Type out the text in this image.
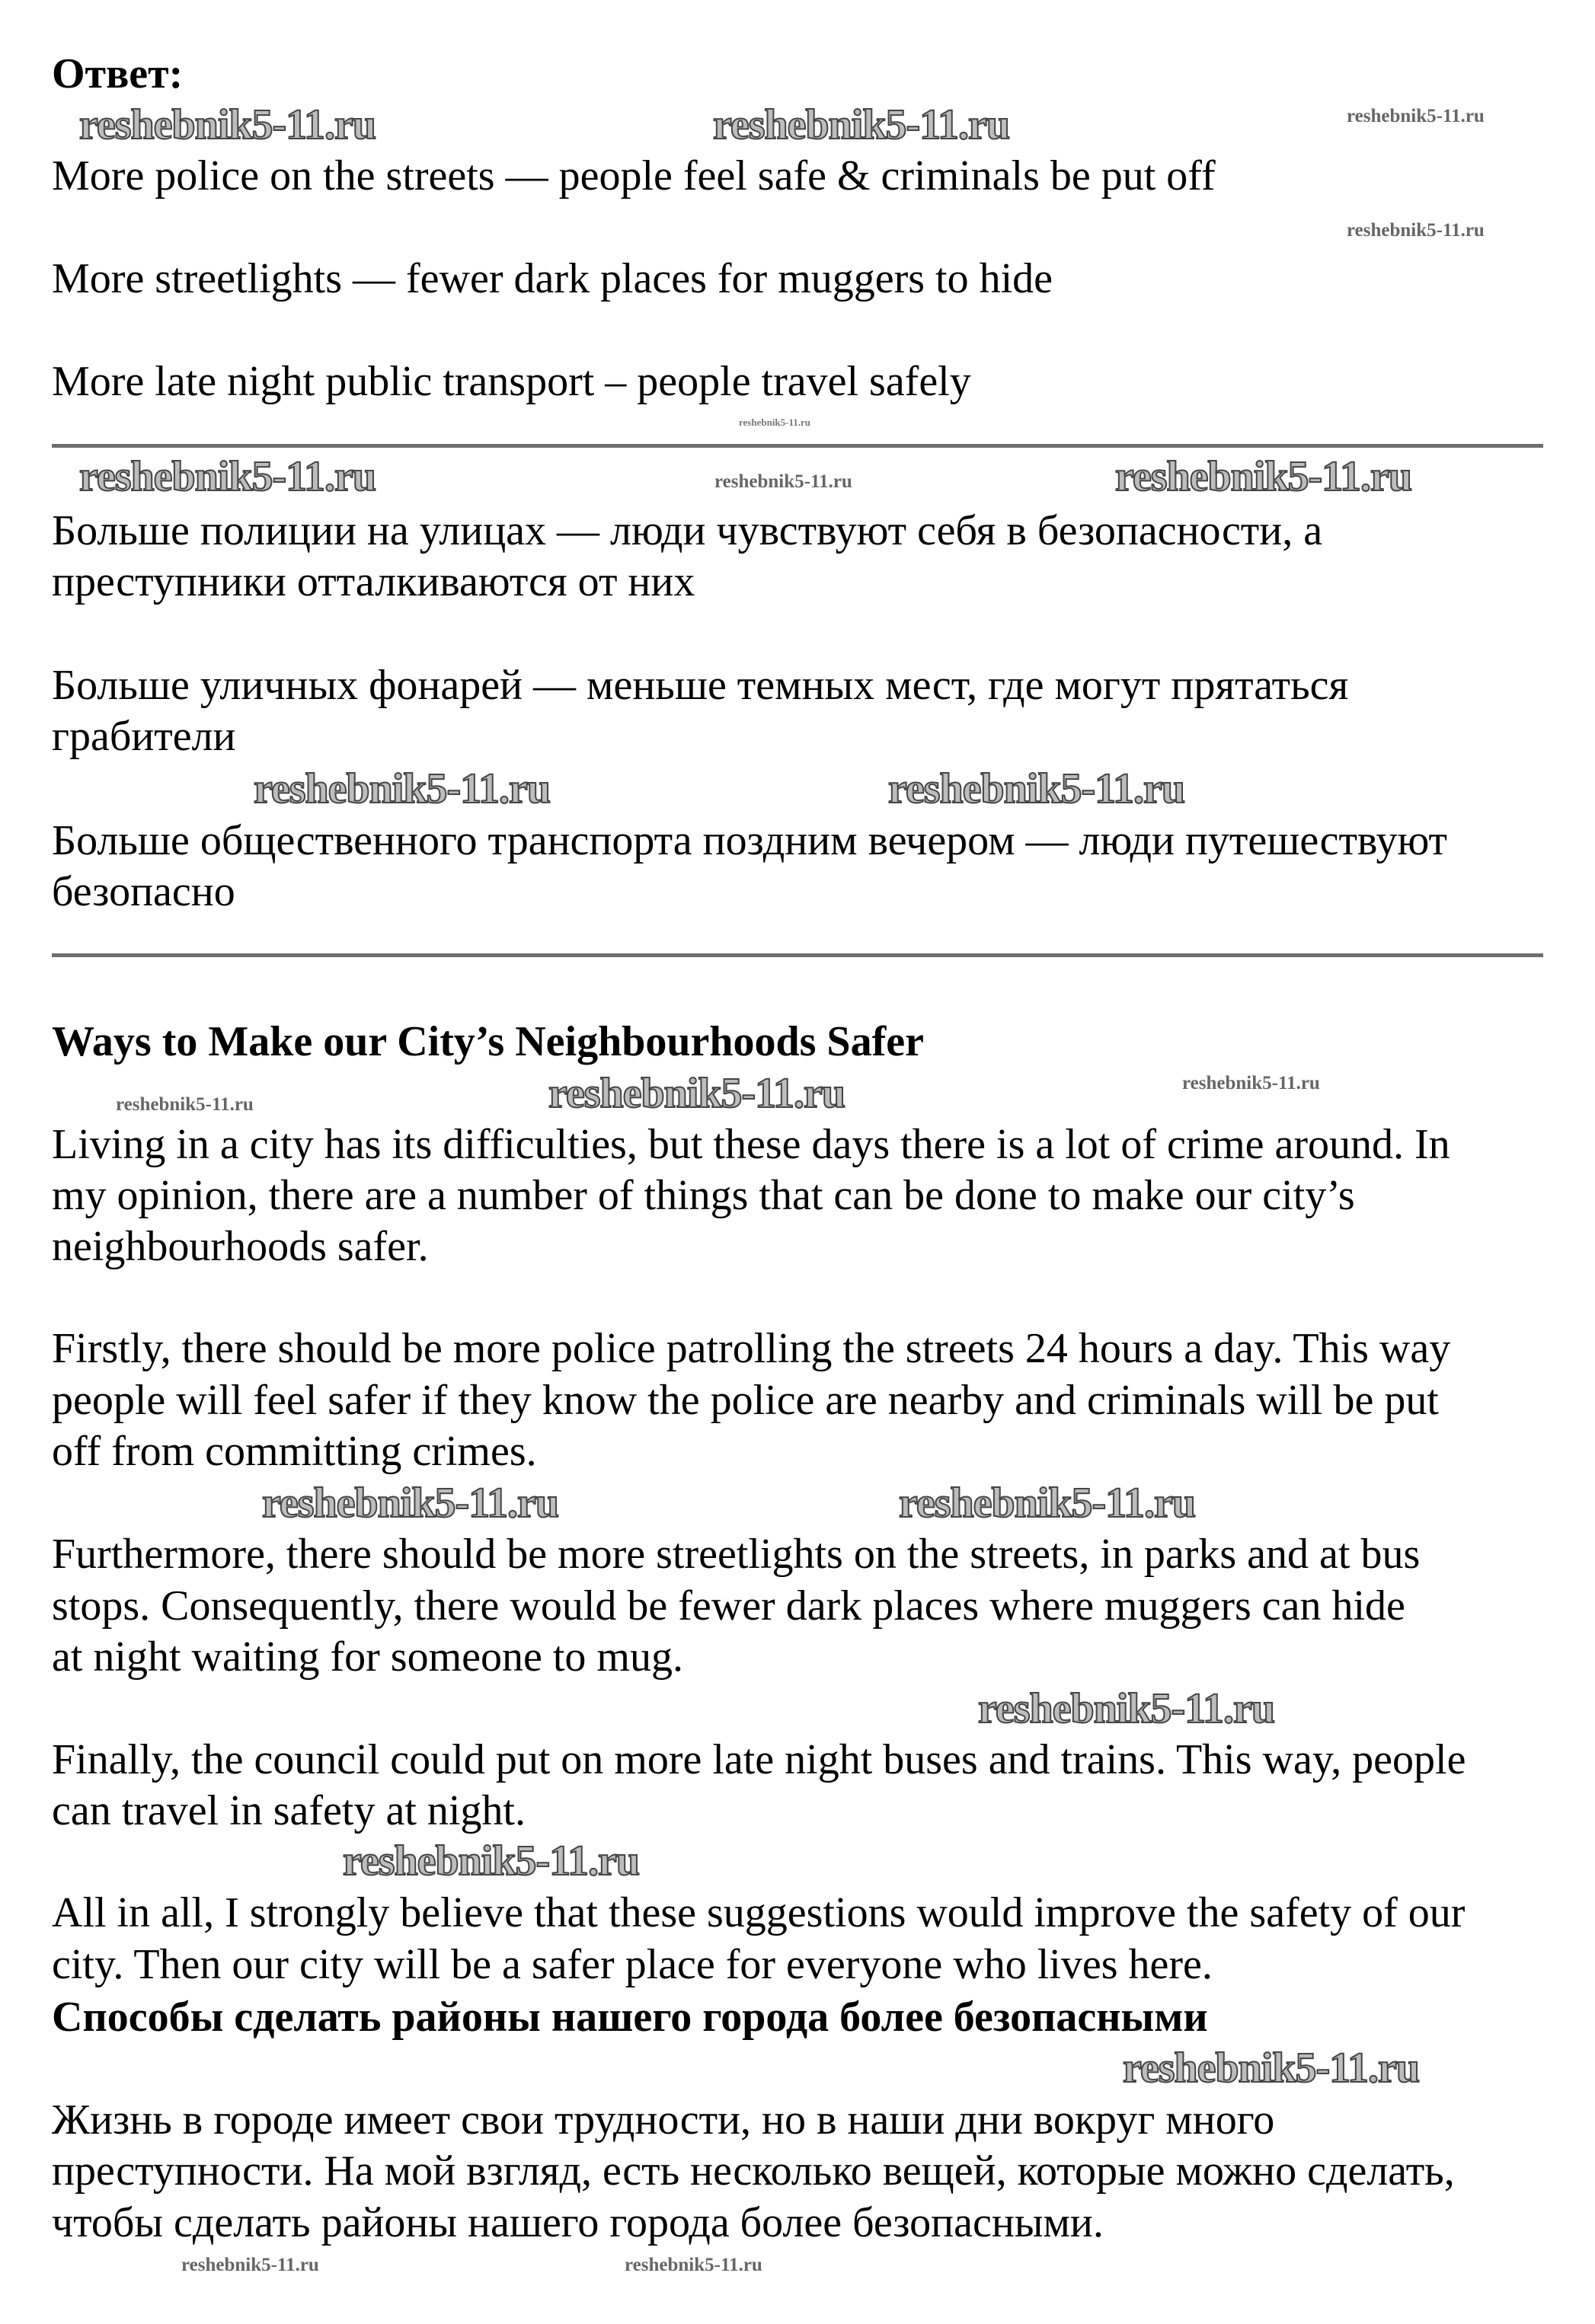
Ответ:
More police on the streets — people feel safe & criminals be put off
More streetlights — fewer dark places for muggers to hide
More late night public transport – people travel safely
Больше полиции на улицах — люди чувствуют себя в безопасности, а
преступники отталкиваются от них
Больше уличных фонарей — меньше темных мест, где могут прятаться
грабители
Больше общественного транспорта поздним вечером — люди путешествуют
безопасно
Ways to Make our City’s Neighbourhoods Safer
Living in a city has its difficulties, but these days there is a lot of crime around. In
my opinion, there are a number of things that can be done to make our city’s
neighbourhoods safer.
Firstly, there should be more police patrolling the streets 24 hours a day. This way
people will feel safer if they know the police are nearby and criminals will be put
off from committing crimes.
Furthermore, there should be more streetlights on the streets, in parks and at bus
stops. Consequently, there would be fewer dark places where muggers can hide
at night waiting for someone to mug.
Finally, the council could put on more late night buses and trains. This way, people
can travel in safety at night.
All in all, I strongly believe that these suggestions would improve the safety of our
city. Then our city will be a safer place for everyone who lives here.
Способы сделать районы нашего города более безопасными
Жизнь в городе имеет свои трудности, но в наши дни вокруг много
преступности. На мой взгляд, есть несколько вещей, которые можно сделать,
чтобы сделать районы нашего города более безопасными.
reshebnik5-11.ru	reshebnik5-11.ru	reshebnik5-11.ru
reshebnik5-11.ru
reshebnik5-11.ru
reshebnik5-11.ru	reshebnik5-11.ru	reshebnik5-11.ru
reshebnik5-11.ru	reshebnik5-11.ru
reshebnik5-11.ru
reshebnik5-11.ru	reshebnik5-11.ru
reshebnik5-11.ru
reshebnik5-11.ru
reshebnik5-11.ru
reshebnik5-11.ru
reshebnik5-11.ru
reshebnik5-11.ru	reshebnik5-11.ru
